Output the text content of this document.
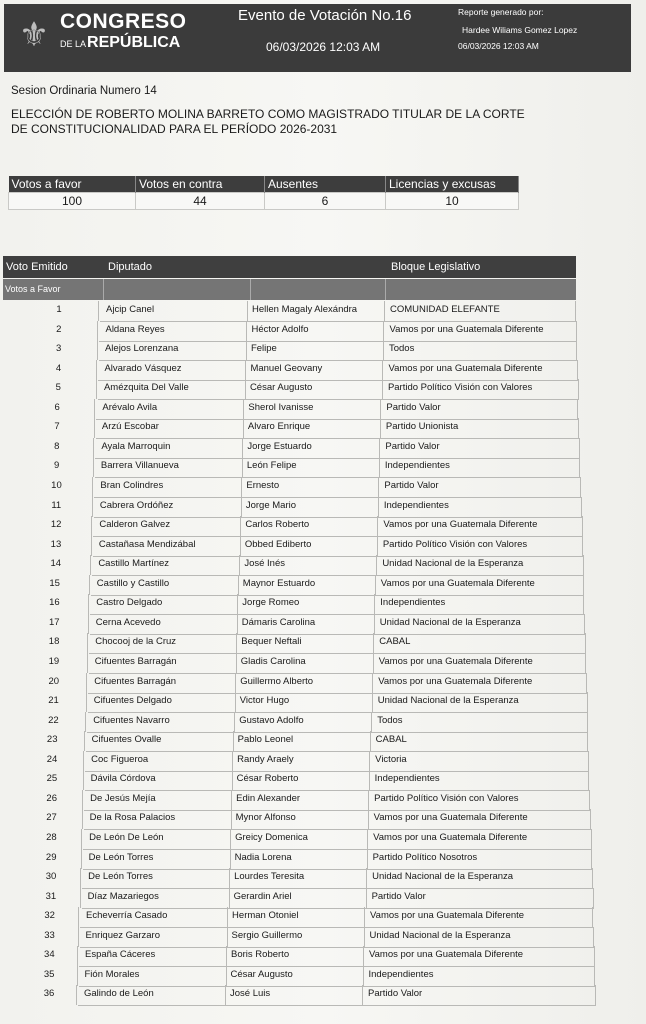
⚜ CONGRESO
DE LAREPÚBLICA
Evento de Votación No.16
06/03/2026 12:03 AM
Reporte generado por:
Hardee Wiliams Gomez Lopez
06/03/2026 12:03 AM
Sesion Ordinaria Numero 14
ELECCIÓN DE ROBERTO MOLINA BARRETO COMO MAGISTRADO TITULAR DE LA CORTE DE CONSTITUCIONALIDAD PARA EL PERÍODO 2026-2031
Votos a favor	Votos en contra	Ausentes	Licencias y excusas
100	44	6	10
Voto Emitido	Diputado	Bloque Legislativo
Votos a Favor
1	Ajcip Canel	Hellen Magaly Alexándra	COMUNIDAD ELEFANTE
2	Aldana Reyes	Héctor Adolfo	Vamos por una Guatemala Diferente
3	Alejos Lorenzana	Felipe	Todos
4	Alvarado Vásquez	Manuel Geovany	Vamos por una Guatemala Diferente
5	Amézquita Del Valle	César Augusto	Partido Político Visión con Valores
6	Arévalo Avila	Sherol Ivanisse	Partido Valor
7	Arzú Escobar	Alvaro Enrique	Partido Unionista
8	Ayala Marroquin	Jorge Estuardo	Partido Valor
9	Barrera Villanueva	León Felipe	Independientes
10	Bran Colindres	Ernesto	Partido Valor
11	Cabrera Ordóñez	Jorge Mario	Independientes
12	Calderon Galvez	Carlos Roberto	Vamos por una Guatemala Diferente
13	Castañasa Mendizábal	Obbed Ediberto	Partido Político Visión con Valores
14	Castillo Martínez	José Inés	Unidad Nacional de la Esperanza
15	Castillo y Castillo	Maynor Estuardo	Vamos por una Guatemala Diferente
16	Castro Delgado	Jorge Romeo	Independientes
17	Cerna Acevedo	Dámaris Carolina	Unidad Nacional de la Esperanza
18	Chocooj de la Cruz	Bequer Neftali	CABAL
19	Cifuentes Barragán	Gladis Carolina	Vamos por una Guatemala Diferente
20	Cifuentes Barragán	Guillermo Alberto	Vamos por una Guatemala Diferente
21	Cifuentes Delgado	Victor Hugo	Unidad Nacional de la Esperanza
22	Cifuentes Navarro	Gustavo Adolfo	Todos
23	Cifuentes Ovalle	Pablo Leonel	CABAL
24	Coc Figueroa	Randy Araely	Victoria
25	Dávila Córdova	César Roberto	Independientes
26	De Jesús Mejía	Edin Alexander	Partido Político Visión con Valores
27	De la Rosa Palacios	Mynor Alfonso	Vamos por una Guatemala Diferente
28	De León De León	Greicy Domenica	Vamos por una Guatemala Diferente
29	De León Torres	Nadia Lorena	Partido Político Nosotros
30	De León Torres	Lourdes Teresita	Unidad Nacional de la Esperanza
31	Díaz Mazariegos	Gerardin Ariel	Partido Valor
32	Echeverría Casado	Herman Otoniel	Vamos por una Guatemala Diferente
33	Enriquez Garzaro	Sergio Guillermo	Unidad Nacional de la Esperanza
34	España Cáceres	Boris Roberto	Vamos por una Guatemala Diferente
35	Fión Morales	César Augusto	Independientes
36	Galindo de León	José Luis	Partido Valor
